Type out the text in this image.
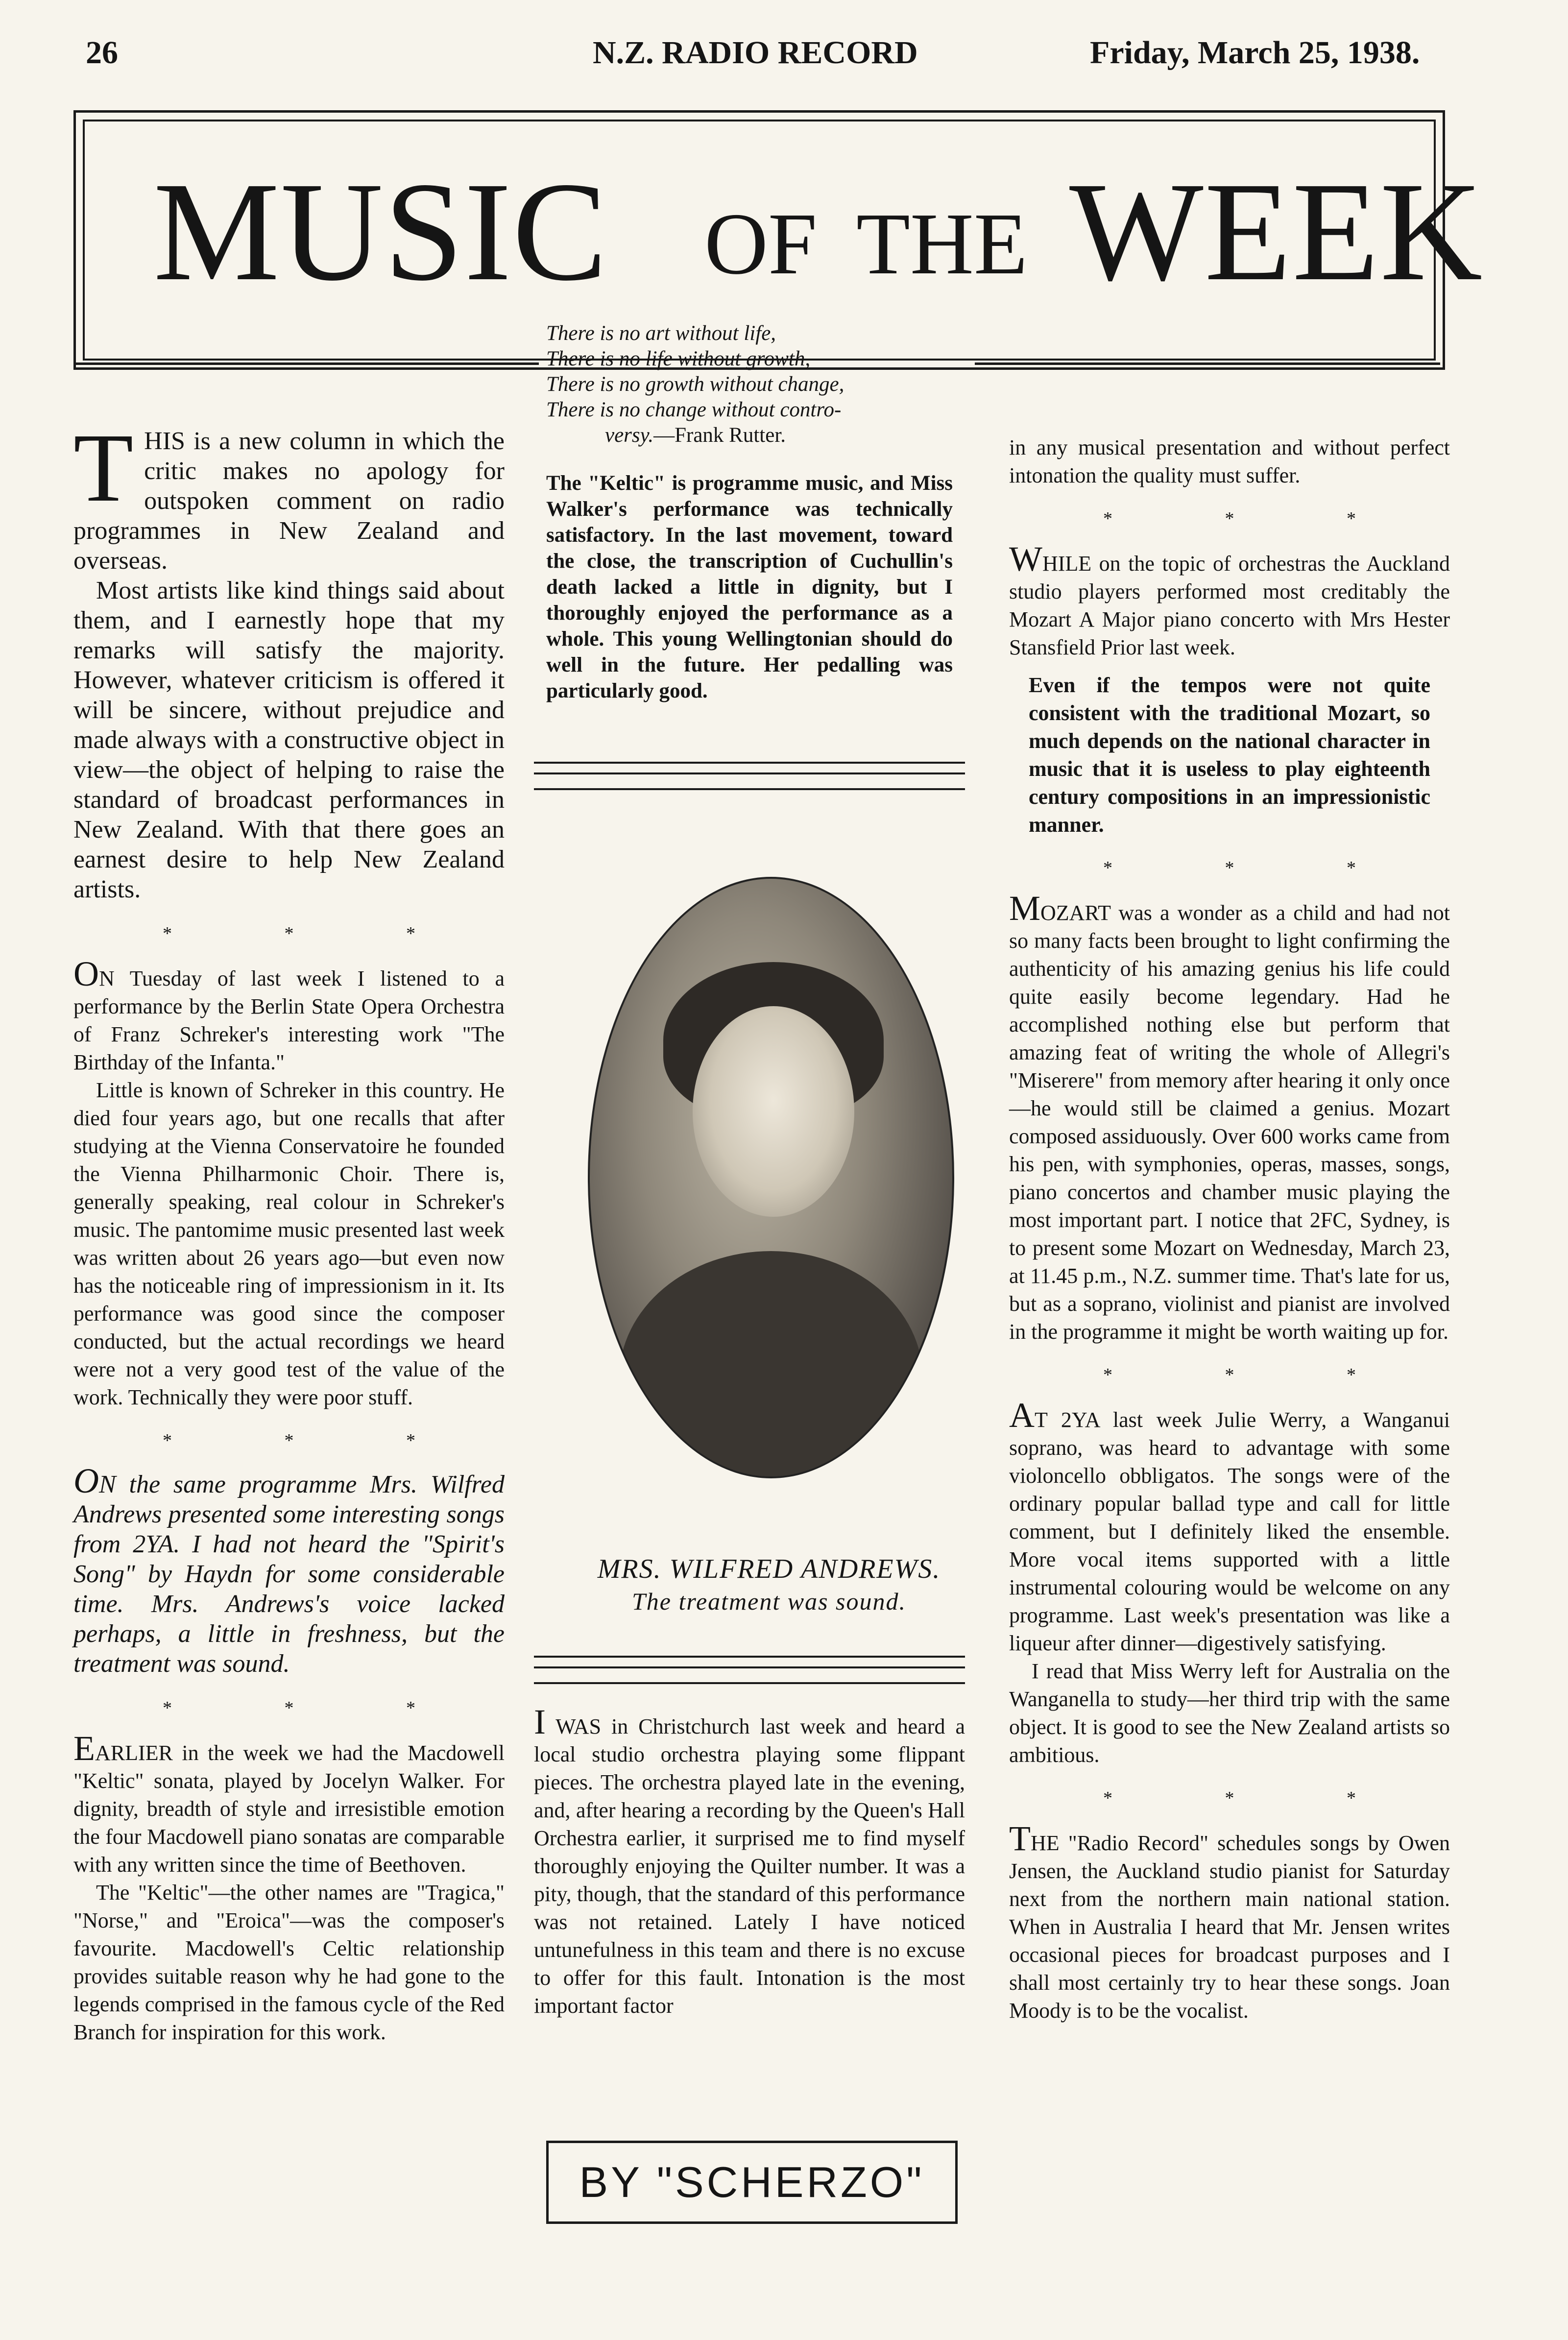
26	N.Z. RADIO RECORD	Friday, March 25, 1938.
MUSIC OF THE WEEK
There is no art without life,
There is no life without growth,
There is no growth without change,
There is no change without contro-
versy.—Frank Rutter.

THIS is a new column in which the critic makes no apology for outspoken comment on radio programmes in New Zealand and overseas.

Most artists like kind things said about them, and I earnestly hope that my remarks will satisfy the majority. However, whatever criticism is offered it will be sincere, without prejudice and made always with a constructive object in view—the object of helping to raise the standard of broadcast performances in New Zealand. With that there goes an earnest desire to help New Zealand artists.

* * *

ON Tuesday of last week I listened to a performance by the Berlin State Opera Orchestra of Franz Schreker's interesting work "The Birthday of the Infanta."

Little is known of Schreker in this country. He died four years ago, but one recalls that after studying at the Vienna Conservatoire he founded the Vienna Philharmonic Choir. There is, generally speaking, real colour in Schreker's music. The pantomime music presented last week was written about 26 years ago—but even now has the noticeable ring of impressionism in it. Its performance was good since the composer conducted, but the actual recordings we heard were not a very good test of the value of the work. Technically they were poor stuff.

* * *

ON the same programme Mrs. Wilfred Andrews presented some interesting songs from 2YA. I had not heard the "Spirit's Song" by Haydn for some considerable time. Mrs. Andrews's voice lacked perhaps, a little in freshness, but the treatment was sound.

* * *

EARLIER in the week we had the Macdowell "Keltic" sonata, played by Jocelyn Walker. For dignity, breadth of style and irresistible emotion the four Macdowell piano sonatas are comparable with any written since the time of Beethoven.

The "Keltic"—the other names are "Tragica," "Norse," and "Eroica"—was the composer's favourite. Macdowell's Celtic relationship provides suitable reason why he had gone to the legends comprised in the famous cycle of the Red Branch for inspiration for this work.

The "Keltic" is programme music, and Miss Walker's performance was technically satisfactory. In the last movement, toward the close, the transcription of Cuchullin's death lacked a little in dignity, but I thoroughly enjoyed the performance as a whole. This young Wellingtonian should do well in the future. Her pedalling was particularly good.
MRS. WILFRED ANDREWS.
The treatment was sound.

I WAS in Christchurch last week and heard a local studio orchestra playing some flippant pieces. The orchestra played late in the evening, and, after hearing a recording by the Queen's Hall Orchestra earlier, it surprised me to find myself thoroughly enjoying the Quilter number. It was a pity, though, that the standard of this performance was not retained. Lately I have noticed untunefulness in this team and there is no excuse to offer for this fault. Intonation is the most important factor

BY "SCHERZO"

in any musical presentation and without perfect intonation the quality must suffer.

* * *

WHILE on the topic of orchestras the Auckland studio players performed most creditably the Mozart A Major piano concerto with Mrs Hester Stansfield Prior last week.

Even if the tempos were not quite consistent with the traditional Mozart, so much depends on the national character in music that it is useless to play eighteenth century compositions in an impressionistic manner.

* * *

MOZART was a wonder as a child and had not so many facts been brought to light confirming the authenticity of his amazing genius his life could quite easily become legendary. Had he accomplished nothing else but perform that amazing feat of writing the whole of Allegri's "Miserere" from memory after hearing it only once—he would still be claimed a genius. Mozart composed assiduously. Over 600 works came from his pen, with symphonies, operas, masses, songs, piano concertos and chamber music playing the most important part. I notice that 2FC, Sydney, is to present some Mozart on Wednesday, March 23, at 11.45 p.m., N.Z. summer time. That's late for us, but as a soprano, violinist and pianist are involved in the programme it might be worth waiting up for.

* * *

AT 2YA last week Julie Werry, a Wanganui soprano, was heard to advantage with some violoncello obbligatos. The songs were of the ordinary popular ballad type and call for little comment, but I definitely liked the ensemble. More vocal items supported with a little instrumental colouring would be welcome on any programme. Last week's presentation was like a liqueur after dinner—digestively satisfying.

I read that Miss Werry left for Australia on the Wanganella to study—her third trip with the same object. It is good to see the New Zealand artists so ambitious.

* * *

THE "Radio Record" schedules songs by Owen Jensen, the Auckland studio pianist for Saturday next from the northern main national station. When in Australia I heard that Mr. Jensen writes occasional pieces for broadcast purposes and I shall most certainly try to hear these songs. Joan Moody is to be the vocalist.
